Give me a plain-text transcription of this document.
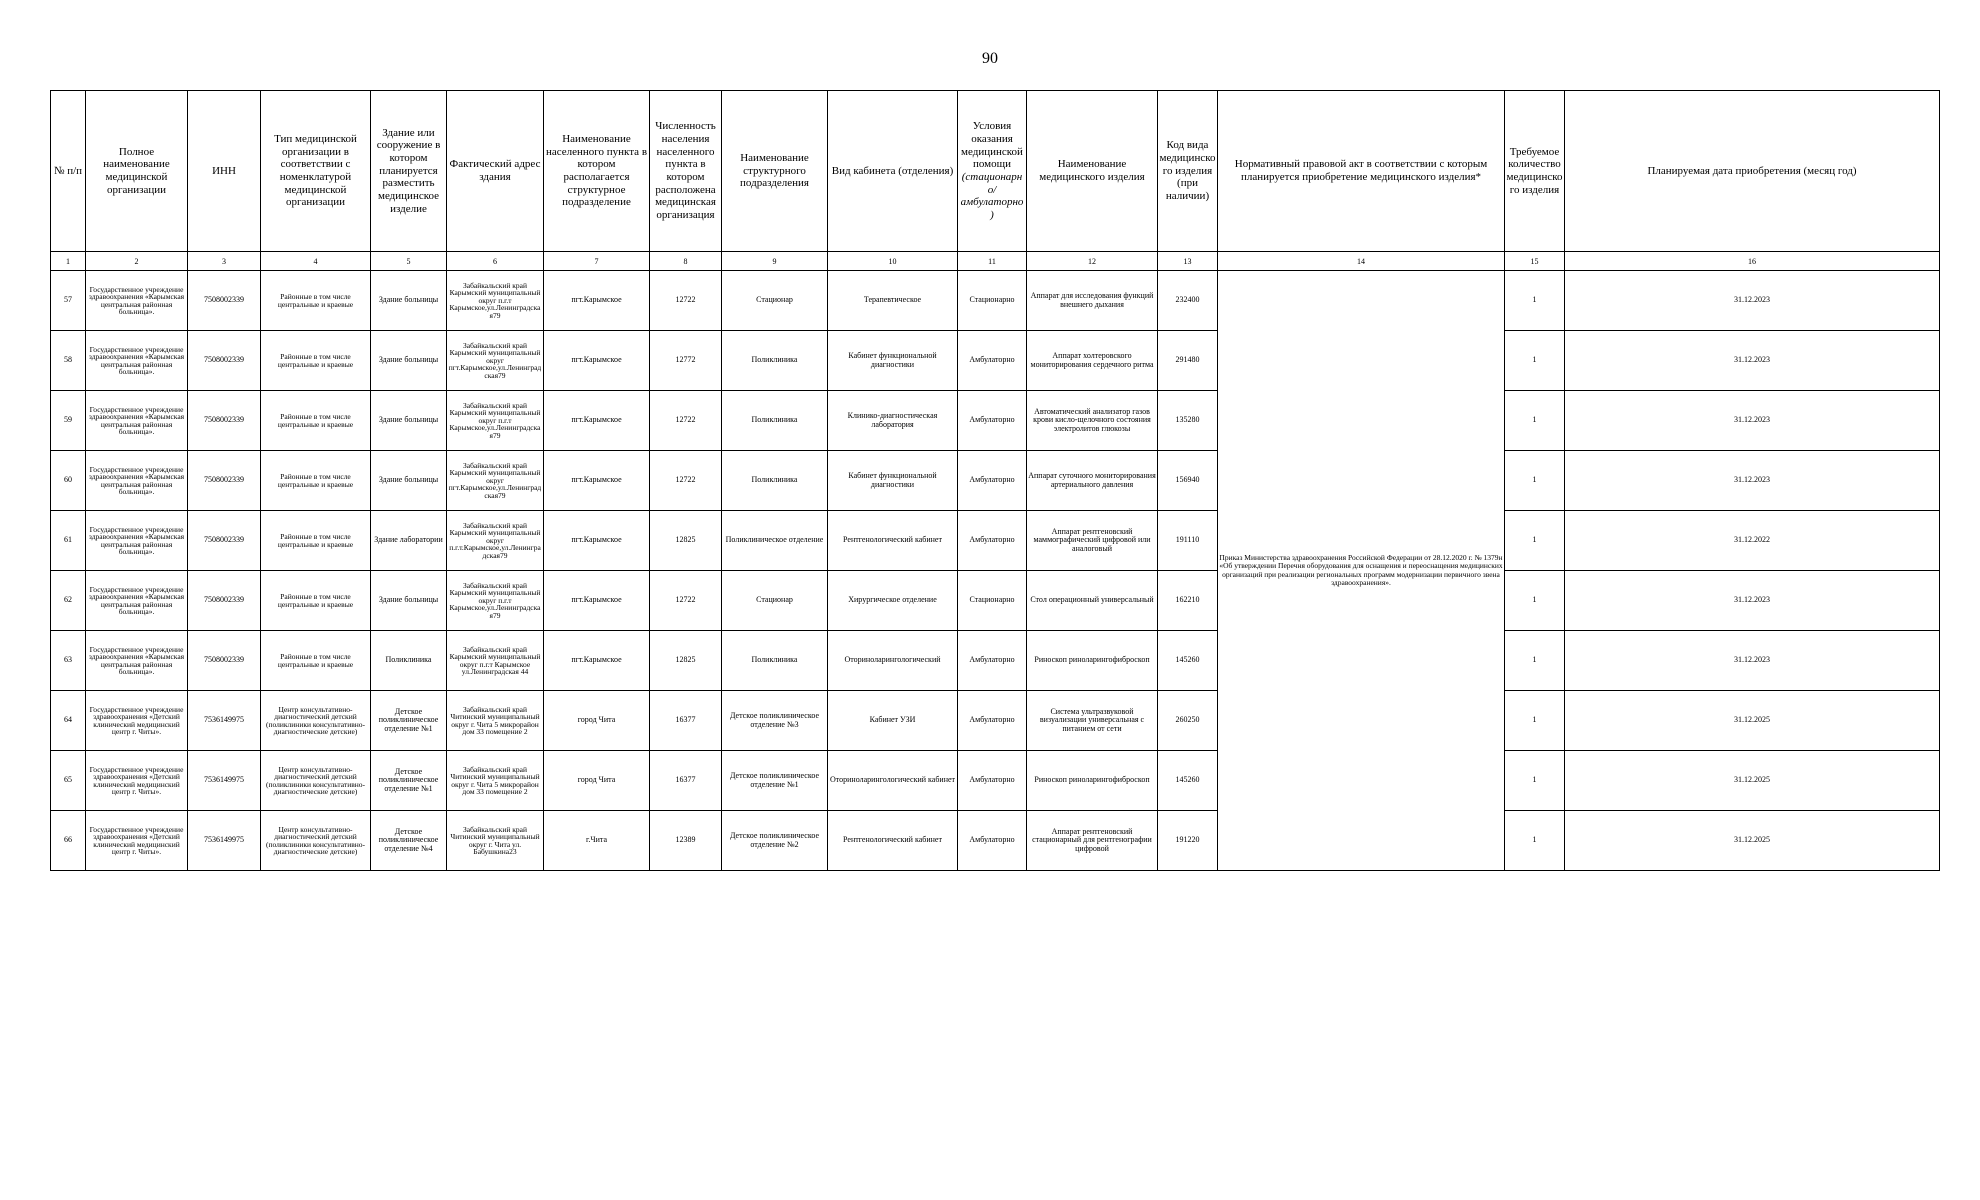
90
№ п/п	Полное наименование медицинской организации	ИНН	Тип медицинской организации в соответствии с номенклатурой медицинской организации	Здание или сооружение в котором планируется разместить медицинское изделие	Фактический адрес здания	Наименование населенного пункта в котором располагается структурное подразделение	Численность населения населенного пункта в котором расположена медицинская организация	Наименование структурного подразделения	Вид кабинета (отделения)	Условия оказания медицинской помощи (стационарно/амбулаторно)	Наименование медицинского изделия	Код вида медицинского изделия (при наличии)	Нормативный правовой акт в соответствии с которым планируется приобретение медицинского изделия*	Требуемое количество медицинского изделия	Планируемая дата приобретения (месяц год)
1	2	3	4	5	6	7	8	9	10	11	12	13	14	15	16
57	Государственное учреждение здравоохранения «Карымская центральная районная больница».	7508002339	Районные в том числе центральные и краевые	Здание больницы	Забайкальский край Карымский муниципальный округ п.г.т Карымское,ул.Ленинградская79	пгт.Карымское	12722	Стационар	Терапевтическое	Стационарно	Аппарат для исследования функций внешнего дыхания	232400	Приказ Министерства здравоохранения Российской Федерации от 28.12.2020 г. № 1379н «Об утверждении Перечня оборудования для оснащения и переоснащения медицинских организаций при реализации региональных программ модернизации первичного звена здравоохранения».	1	31.12.2023
58	Государственное учреждение здравоохранения «Карымская центральная районная больница».	7508002339	Районные в том числе центральные и краевые	Здание больницы	Забайкальский край Карымский муниципальный округ пгт.Карымское,ул.Ленинградская79	пгт.Карымское	12772	Поликлиника	Кабинет функциональной диагностики	Амбулаторно	Аппарат холтеровского мониторирования сердечного ритма	291480		1	31.12.2023
59	Государственное учреждение здравоохранения «Карымская центральная районная больница».	7508002339	Районные в том числе центральные и краевые	Здание больницы	Забайкальский край Карымский муниципальный округ п.г.т Карымское,ул.Ленинградская79	пгт.Карымское	12722	Поликлиника	Клинико-диагностическая лаборатория	Амбулаторно	Автоматический анализатор газов крови кисло-щелочного состояния электролитов глюкозы	135280		1	31.12.2023
60	Государственное учреждение здравоохранения «Карымская центральная районная больница».	7508002339	Районные в том числе центральные и краевые	Здание больницы	Забайкальский край Карымский муниципальный округ пгт.Карымское,ул.Ленинградская79	пгт.Карымское	12722	Поликлиника	Кабинет функциональной диагностики	Амбулаторно	Аппарат суточного мониторирования артериального давления	156940		1	31.12.2023
61	Государственное учреждение здравоохранения «Карымская центральная районная больница».	7508002339	Районные в том числе центральные и краевые	Здание лаборатории	Забайкальский край Карымский муниципальный округ п.г.т.Карымское,ул.Ленинградская79	пгт.Карымское	12825	Поликлиническое отделение	Рентгенологический кабинет	Амбулаторно	Аппарат рентгеновский маммографический цифровой или аналоговый	191110		1	31.12.2022
62	Государственное учреждение здравоохранения «Карымская центральная районная больница».	7508002339	Районные в том числе центральные и краевые	Здание больницы	Забайкальский край Карымский муниципальный округ п.г.т Карымское,ул.Ленинградская79	пгт.Карымское	12722	Стационар	Хирургическое отделение	Стационарно	Стол операционный универсальный	162210		1	31.12.2023
63	Государственное учреждение здравоохранения «Карымская центральная районная больница».	7508002339	Районные в том числе центральные и краевые	Поликлиника	Забайкальский край Карымский муниципальный округ п.г.т Карымское ул.Ленинградская 44	пгт.Карымское	12825	Поликлиника	Оториноларингологический	Амбулаторно	Риноскоп риноларингофиброскоп	145260		1	31.12.2023
64	Государственное учреждение здравоохранения «Детский клинический медицинский центр г. Читы».	7536149975	Центр консультативно-диагностический детский (поликлиники консультативно-диагностические детские)	Детское поликлиническое отделение №1	Забайкальский край Читинский муниципальный округ г. Чита 5 микрорайон дом 33 помещение 2	город Чита	16377	Детское поликлиническое отделение №3	Кабинет УЗИ	Амбулаторно	Система ультразвуковой визуализации универсальная с питанием от сети	260250		1	31.12.2025
65	Государственное учреждение здравоохранения «Детский клинический медицинский центр г. Читы».	7536149975	Центр консультативно-диагностический детский (поликлиники консультативно-диагностические детские)	Детское поликлиническое отделение №1	Забайкальский край Читинский муниципальный округ г. Чита 5 микрорайон дом 33 помещение 2	город Чита	16377	Детское поликлиническое отделение №1	Оториноларингологический кабинет	Амбулаторно	Риноскоп риноларингофиброскоп	145260		1	31.12.2025
66	Государственное учреждение здравоохранения «Детский клинический медицинский центр г. Читы».	7536149975	Центр консультативно-диагностический детский (поликлиники консультативно-диагностические детские)	Детское поликлиническое отделение №4	Забайкальский край Читинский муниципальный округ г. Чита ул. Бабушкина23	г.Чита	12389	Детское поликлиническое отделение №2	Рентгенологический кабинет	Амбулаторно	Аппарат рентгеновский стационарный для рентгенографии цифровой	191220		1	31.12.2025
